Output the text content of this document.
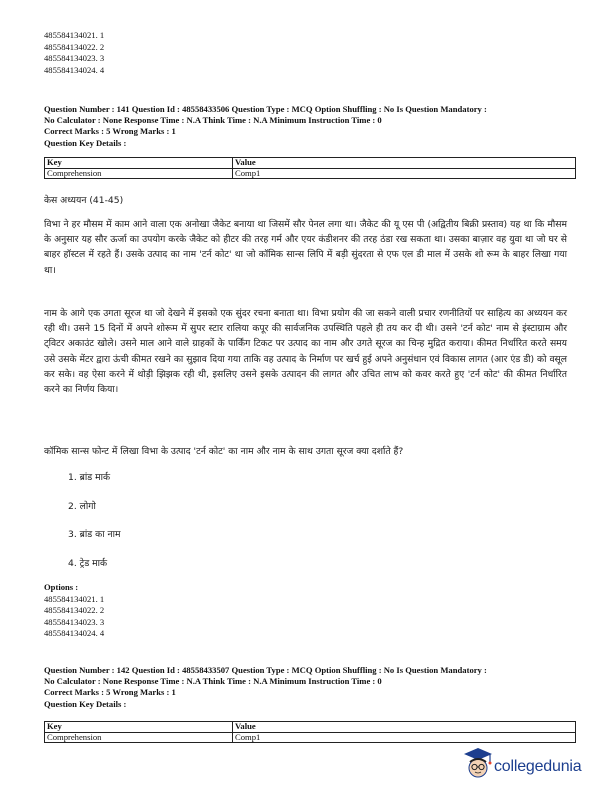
485584134021. 1
485584134022. 2
485584134023. 3
485584134024. 4
Question Number : 141 Question Id : 48558433506 Question Type : MCQ Option Shuffling : No Is Question Mandatory :
No Calculator : None Response Time : N.A Think Time : N.A Minimum Instruction Time : 0
Correct Marks : 5 Wrong Marks : 1
Question Key Details :
Key	Value
Comprehension	Comp1
केस अध्ययन (41-45)
विभा ने हर मौसम में काम आने वाला एक अनोखा जैकेट बनाया था जिसमें सौर पेनल लगा था। जैकेट की यू एस पी (अद्वितीय बिक्री प्रस्ताव) यह था कि मौसम के अनुसार यह सौर ऊर्जा का उपयोग करके जैकेट को हीटर की तरह गर्म और एयर कंडीशनर की तरह ठंडा रख सकता था। उसका बाज़ार वह युवा था जो घर से बाहर हॉस्टल में रहते हैं। उसके उत्पाद का नाम 'टर्न कोट' था जो कॉमिक सान्स लिपि में बड़ी सुंदरता से एफ एल डी माल में उसके शो रूम के बाहर लिखा गया था।
नाम के आगे एक उगता सूरज था जो देखने में इसको एक सुंदर रचना बनाता था। विभा प्रयोग की जा सकने वाली प्रचार रणनीतियों पर साहित्य का अध्ययन कर रही थी। उसने 15 दिनों में अपने शोरूम में सुपर स्टार रालिया कपूर की सार्वजनिक उपस्थिति पहले ही तय कर दी थी। उसने 'टर्न कोट' नाम से इंस्टाग्राम और ट्विटर अकाउंट खोले। उसने माल आने वाले ग्राहकों के पार्किंग टिकट पर उत्पाद का नाम और उगते सूरज का चिन्ह मुद्रित कराया। कीमत निर्धारित करते समय उसे उसके मेंटर द्वारा ऊंची कीमत रखने का सुझाव दिया गया ताकि वह उत्पाद के निर्माण पर खर्च हुई अपने अनुसंधान एवं विकास लागत (आर एंड डी) को वसूल कर सके। वह ऐसा करने में थोड़ी झिझक रही थी, इसलिए उसने इसके उत्पादन की लागत और उचित लाभ को कवर करते हुए 'टर्न कोट' की कीमत निर्धारित करने का निर्णय किया।
कॉमिक सान्स फोन्ट में लिखा विभा के उत्पाद 'टर्न कोट' का नाम और नाम के साथ उगता सूरज क्या दर्शाते हैं?
1. ब्रांड मार्क
2. लोगो
3. ब्रांड का नाम
4. ट्रेड मार्क
Options :
485584134021. 1
485584134022. 2
485584134023. 3
485584134024. 4
Question Number : 142 Question Id : 48558433507 Question Type : MCQ Option Shuffling : No Is Question Mandatory :
No Calculator : None Response Time : N.A Think Time : N.A Minimum Instruction Time : 0
Correct Marks : 5 Wrong Marks : 1
Question Key Details :
Key	Value
Comprehension	Comp1
collegedunia
